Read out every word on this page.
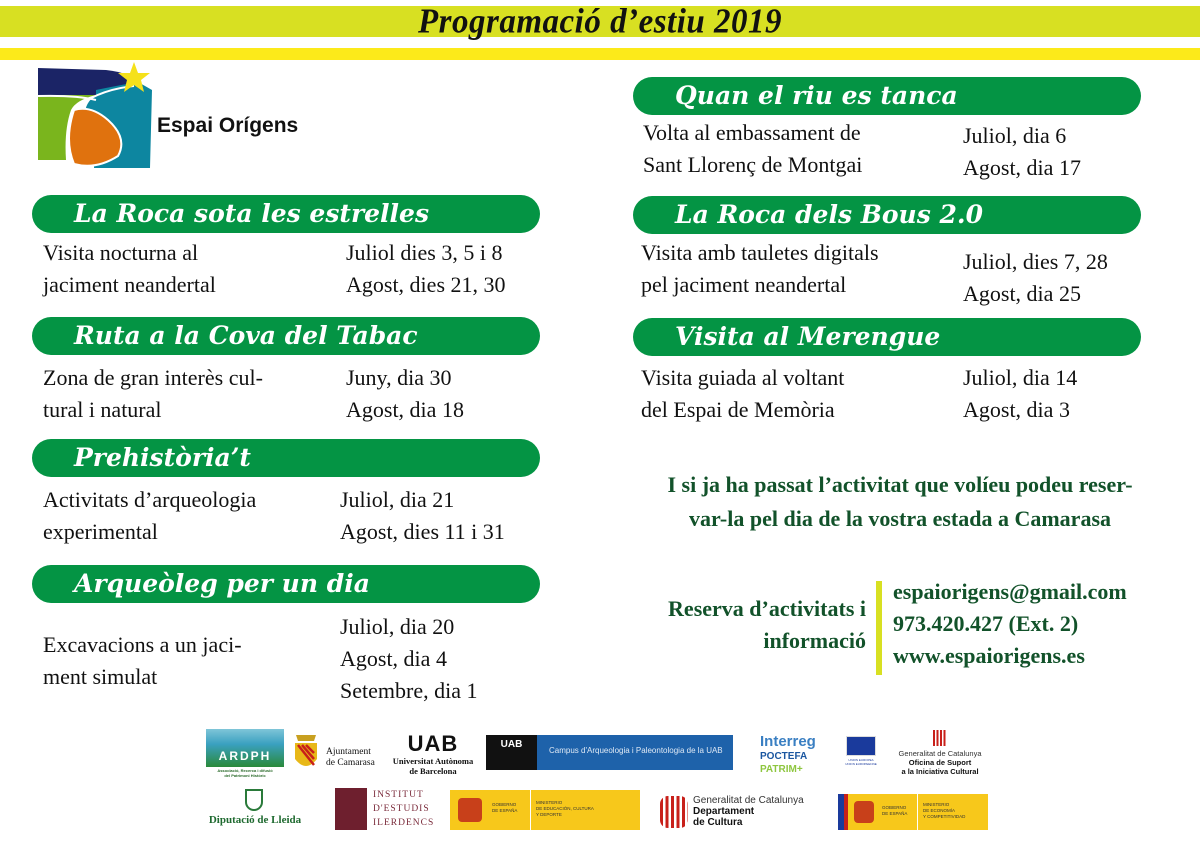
Programació d’estiu 2019
Espai Orígens
La Roca sota les estrelles
Visita nocturna al
jaciment neandertal
Juliol dies 3, 5 i 8
Agost, dies 21, 30
Ruta a la Cova del Tabac
Zona de gran interès cul-
tural i natural
Juny, dia 30
Agost, dia 18
Prehistòria’t
Activitats d’arqueologia
experimental
Juliol, dia 21
Agost, dies 11 i 31
Arqueòleg per un dia
Excavacions a un jaci-
ment simulat
Juliol, dia 20
Agost, dia 4
Setembre, dia 1
Quan el riu es tanca
Volta al embassament de
Sant Llorenç de Montgai
Juliol, dia 6
Agost, dia 17
La Roca dels Bous 2.0
Visita amb tauletes digitals
pel jaciment neandertal
Juliol, dies 7, 28
Agost, dia 25
Visita al Merengue
Visita guiada al voltant
del Espai de Memòria
Juliol, dia 14
Agost, dia 3
I si ja ha passat l’activitat que volíeu podeu reser-
var-la pel dia de la vostra estada a Camarasa
Reserva d’activitats i
informació
espaiorigens@gmail.com
973.420.427 (Ext. 2)
www.espaiorigens.es
ARDPH
Associació, Recerca i difusió
del Patrimoni Històric
Ajuntament
de Camarasa
UAB
Universitat Autònoma
de Barcelona
UAB
Campus d'Arqueologia i Paleontologia de la UAB
Interreg
POCTEFA
PATRIM+
UNION EUROPEA
UNION EUROPEENNE
Generalitat de Catalunya
Oficina de Suport
a la Iniciativa Cultural
Diputació de Lleida
INSTITUT
D'ESTUDIS
ILERDENCS
GOBIERNO
DE ESPAÑA
MINISTERIO
DE EDUCACIÓN, CULTURA
Y DEPORTE
Generalitat de Catalunya
Departament
de Cultura
GOBIERNO
DE ESPAÑA
MINISTERIO
DE ECONOMÍA
Y COMPETITIVIDAD
